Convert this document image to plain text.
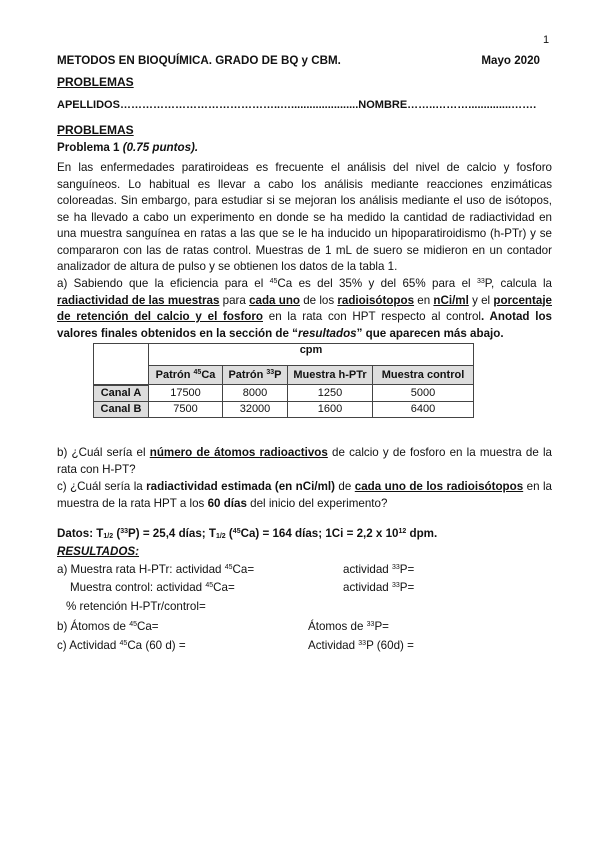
1
METODOS EN BIOQUÍMICA. GRADO DE BQ y CBM.	Mayo 2020
PROBLEMAS
APELLIDOS……………………………………..…......................NOMBRE……..………..............…….
PROBLEMAS
Problema 1 (0.75 puntos).
En las enfermedades paratiroideas es frecuente el análisis del nivel de calcio y fosforo sanguíneos. Lo habitual es llevar a cabo los análisis mediante reacciones enzimáticas coloreadas. Sin embargo, para estudiar si se mejoran los análisis mediante el uso de isótopos, se ha llevado a cabo un experimento en donde se ha medido la cantidad de radiactividad en una muestra sanguínea en ratas a las que se le ha inducido un hipoparatiroidismo (h-PTr) y se compararon con las de ratas control. Muestras de 1 mL de suero se midieron en un contador analizador de altura de pulso y se obtienen los datos de la tabla 1.
a) Sabiendo que la eficiencia para el $^{45}$Ca es del 35% y del 65% para el $^{33}$P, calcula la radiactividad de las muestras para cada uno de los radioisótopos en nCi/ml y el porcentaje de retención del calcio y el fosforo en la rata con HPT respecto al control. Anotad los valores finales obtenidos en la sección de “resultados” que aparecen más abajo.
	cpm			
	Patrón $^{45}$Ca	Patrón $^{33}$P	Muestra h-PTr	Muestra control
Canal A	17500	8000	1250	5000
Canal B	7500	32000	1600	6400
b) ¿Cuál sería el número de átomos radioactivos de calcio y de fosforo en la muestra de la rata con H-PT?
c) ¿Cuál sería la radiactividad estimada (en nCi/ml) de cada uno de los radioisótopos en la muestra de la rata HPT a los 60 días del inicio del experimento?
Datos: $T_{1/2}$ ($^{33}$P) = 25,4 días; $T_{1/2}$ ($^{45}$Ca) = 164 días; 1Ci = 2,2 x $10^{12}$ dpm.
RESULTADOS:
a) Muestra rata H-PTr: actividad $^{45}$Ca=	actividad $^{33}$P=
Muestra control: actividad $^{45}$Ca=	actividad $^{33}$P=
% retención H-PTr/control=
b) Átomos de $^{45}$Ca=	Átomos de $^{33}$P=
c) Actividad $^{45}$Ca (60 d) =	Actividad $^{33}$P (60d) =
